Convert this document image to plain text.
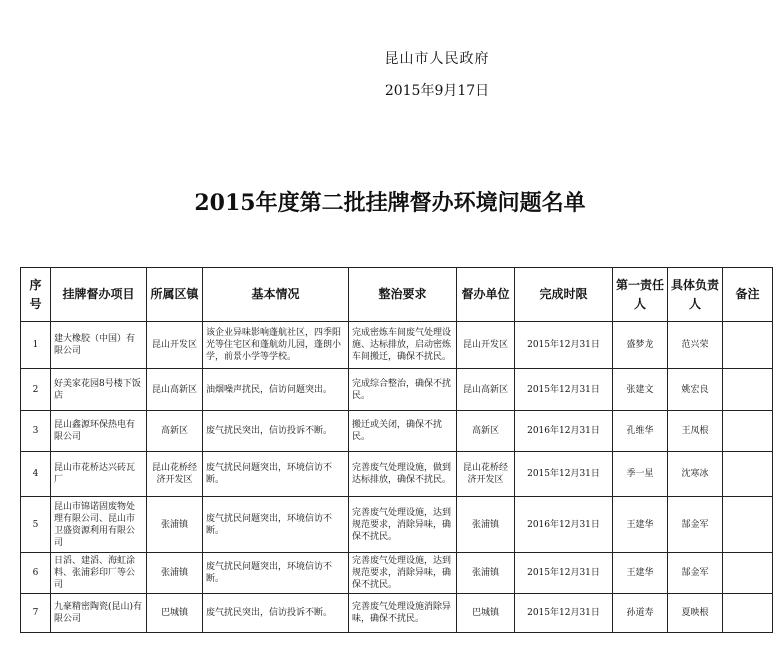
昆山市人民政府
2015年9月17日
2015年度第二批挂牌督办环境问题名单
序号	挂牌督办项目	所属区镇	基本情况	整治要求	督办单位	完成时限	第一责任人	具体负责人	备注
1	建大橡胶（中国）有限公司	昆山开发区	该企业异味影响蓬航社区，四季阳光等住宅区和蓬航幼儿园，蓬朗小学，前景小学等学校。	完成密炼车间废气处理设施、达标排放，启动密炼车间搬迁，确保不扰民。	昆山开发区	2015年12月31日	盛梦龙	范兴荣	
2	好美家花园8号楼下饭店	昆山高新区	油烟噪声扰民，信访问题突出。	完成综合整治，确保不扰民。	昆山高新区	2015年12月31日	张建文	姚宏良	
3	昆山鑫源环保热电有限公司	高新区	废气扰民突出，信访投诉不断。	搬迁或关闭，确保不扰民。	高新区	2016年12月31日	孔维华	王凤根	
4	昆山市花桥达兴砖瓦厂	昆山花桥经济开发区	废气扰民问题突出，环境信访不断。	完善废气处理设施，做到达标排放，确保不扰民。	昆山花桥经济开发区	2015年12月31日	季一星	沈寒冰	
5	昆山市锦诺固废物处理有限公司、昆山市卫盛资源利用有限公司	张浦镇	废气扰民问题突出，环境信访不断。	完善废气处理设施，达到规范要求，消除异味，确保不扰民。	张浦镇	2016年12月31日	王建华	郜金军	
6	日滔、建滔、海虹涂料、张浦彩印厂等公司	张浦镇	废气扰民问题突出，环境信访不断。	完善废气处理设施，达到规范要求，消除异味，确保不扰民。	张浦镇	2015年12月31日	王建华	郜金军	
7	九豪精密陶瓷(昆山)有限公司	巴城镇	废气扰民突出，信访投诉不断。	完善废气处理设施消除异味，确保不扰民。	巴城镇	2015年12月31日	孙道寿	夏映根	
